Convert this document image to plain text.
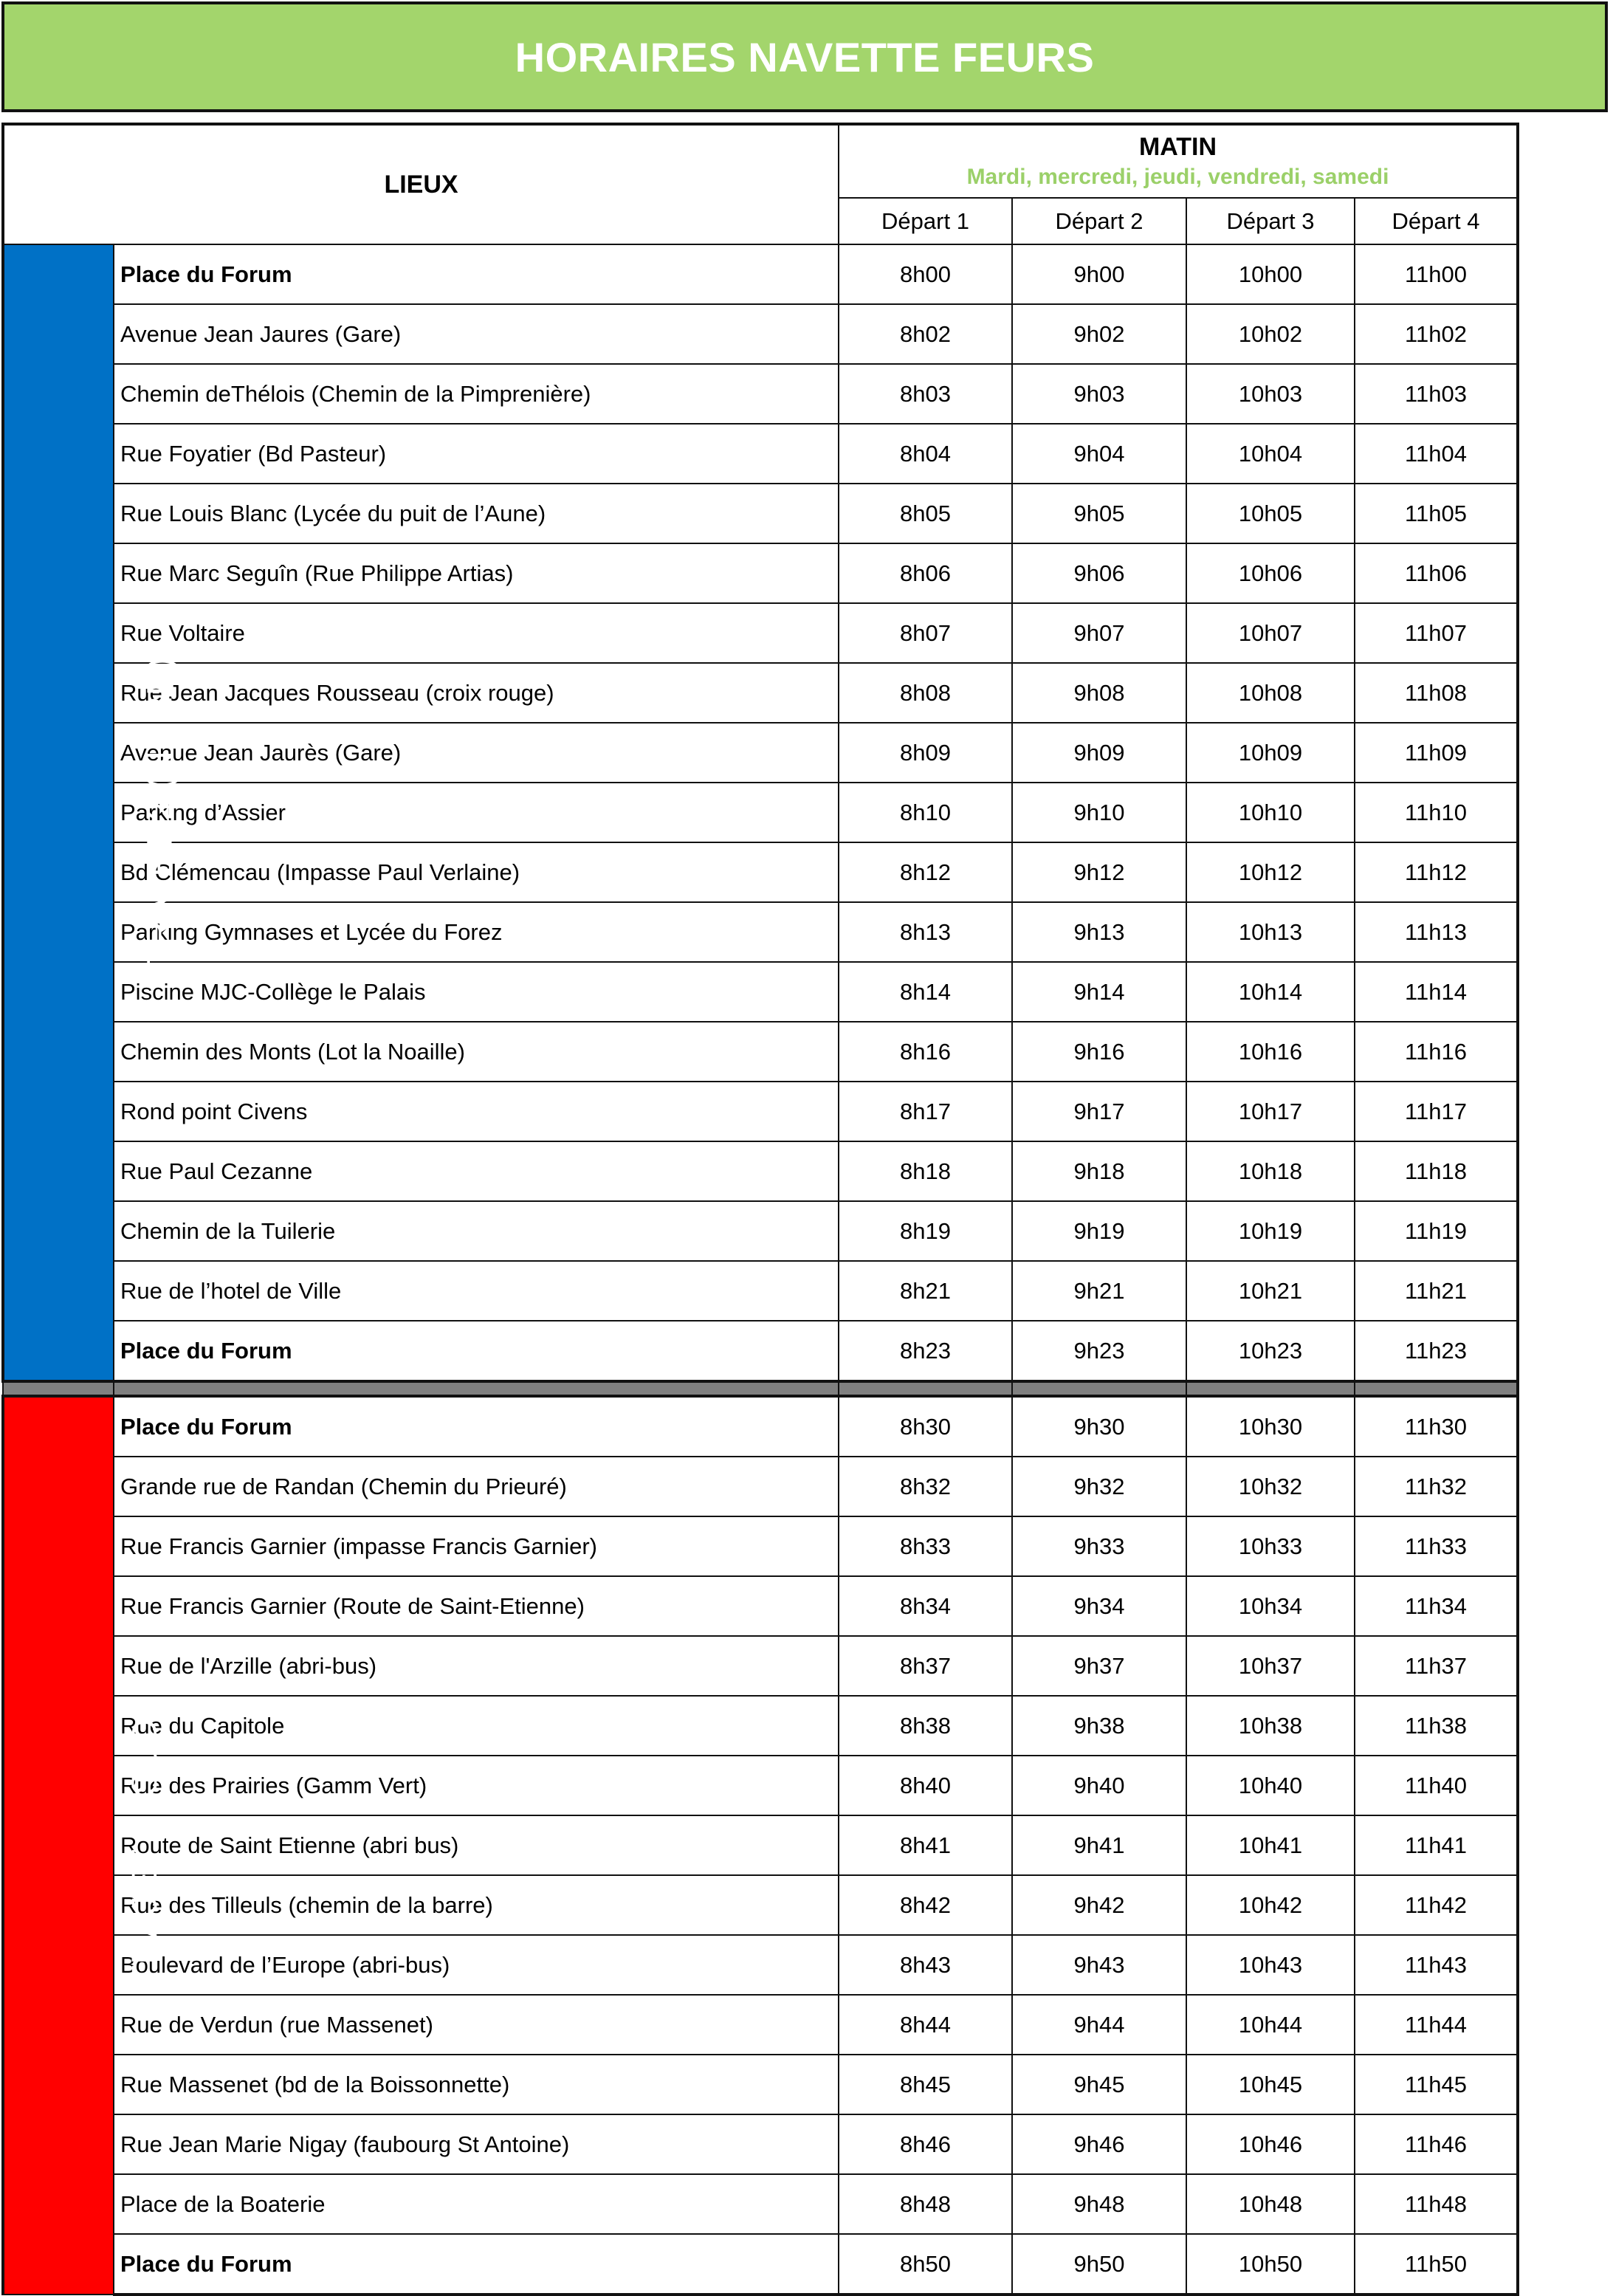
HORAIRES NAVETTE FEURS
LIEUX		MATIN
Mardi, mercredi, jeudi, vendredi, samedi			

		Départ 1	Départ 2	Départ 3	Départ 4
TRAJET 2 (NORD)	Place du Forum	8h00	9h00	10h00	11h00
	Avenue Jean Jaures (Gare)	8h02	9h02	10h02	11h02
	Chemin deThélois (Chemin de la Pimprenière)	8h03	9h03	10h03	11h03
	Rue Foyatier (Bd Pasteur)	8h04	9h04	10h04	11h04
	Rue Louis Blanc (Lycée du puit de l’Aune)	8h05	9h05	10h05	11h05
	Rue Marc Seguîn (Rue Philippe Artias)	8h06	9h06	10h06	11h06
	Rue Voltaire	8h07	9h07	10h07	11h07
	Rue Jean Jacques Rousseau (croix rouge)	8h08	9h08	10h08	11h08
	Avenue Jean Jaurès (Gare)	8h09	9h09	10h09	11h09
	Parking d’Assier	8h10	9h10	10h10	11h10
	Bd Clémencau (Impasse Paul Verlaine)	8h12	9h12	10h12	11h12
	Parking Gymnases et Lycée du Forez	8h13	9h13	10h13	11h13
	Piscine MJC-Collège le Palais	8h14	9h14	10h14	11h14
	Chemin des Monts (Lot la Noaille)	8h16	9h16	10h16	11h16
	Rond point Civens	8h17	9h17	10h17	11h17
	Rue Paul Cezanne	8h18	9h18	10h18	11h18
	Chemin de la Tuilerie	8h19	9h19	10h19	11h19
	Rue de l’hotel de Ville	8h21	9h21	10h21	11h21
	Place du Forum	8h23	9h23	10h23	11h23

TRAJET 1 (SUD)	Place du Forum	8h30	9h30	10h30	11h30
	Grande rue de Randan (Chemin du Prieuré)	8h32	9h32	10h32	11h32
	Rue Francis Garnier (impasse Francis Garnier)	8h33	9h33	10h33	11h33
	Rue Francis Garnier (Route de Saint-Etienne)	8h34	9h34	10h34	11h34
	Rue de l'Arzille (abri-bus)	8h37	9h37	10h37	11h37
	Rue du Capitole	8h38	9h38	10h38	11h38
	Rue des Prairies (Gamm Vert)	8h40	9h40	10h40	11h40
	Route de Saint Etienne (abri bus)	8h41	9h41	10h41	11h41
	Rue des Tilleuls (chemin de la barre)	8h42	9h42	10h42	11h42
	Boulevard de l’Europe (abri-bus)	8h43	9h43	10h43	11h43
	Rue de Verdun (rue Massenet)	8h44	9h44	10h44	11h44
	Rue Massenet (bd de la Boissonnette)	8h45	9h45	10h45	11h45
	Rue Jean Marie Nigay (faubourg St Antoine)	8h46	9h46	10h46	11h46
	Place de la Boaterie	8h48	9h48	10h48	11h48
	Place du Forum	8h50	9h50	10h50	11h50
